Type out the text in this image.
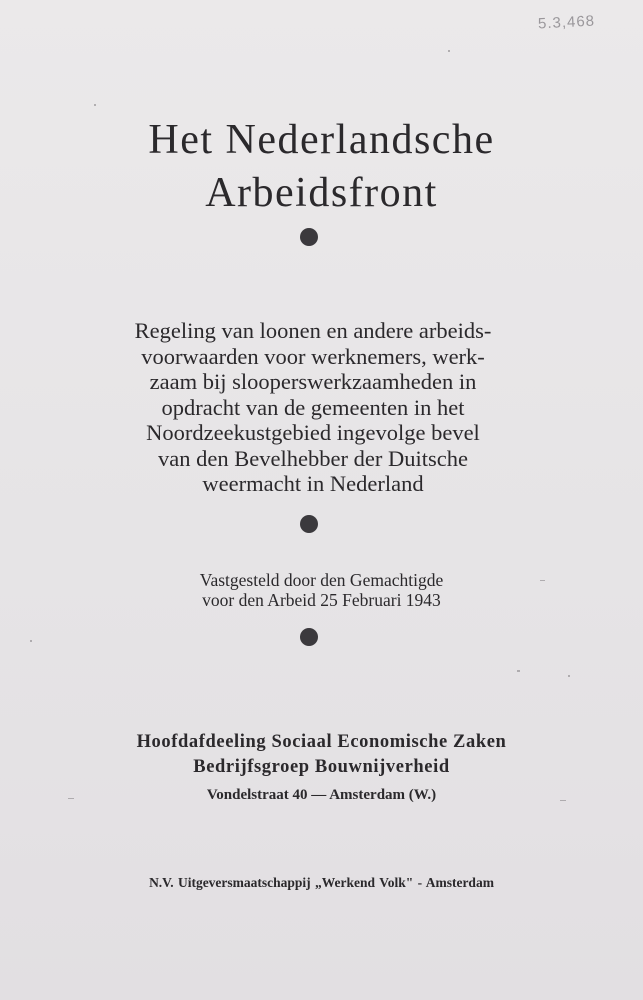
5.3,468
Het Nederlandsche
Arbeidsfront
Regeling van loonen en andere arbeids-
voorwaarden voor werknemers, werk-
zaam bij slooperswerkzaamheden in
opdracht van de gemeenten in het
Noordzeekustgebied ingevolge bevel
van den Bevelhebber der Duitsche
weermacht in Nederland
Vastgesteld door den Gemachtigde
voor den Arbeid 25 Februari 1943
Hoofdafdeeling Sociaal Economische Zaken
Bedrijfsgroep Bouwnijverheid
Vondelstraat 40 — Amsterdam (W.)
N.V. Uitgeversmaatschappij „Werkend Volk" - Amsterdam
